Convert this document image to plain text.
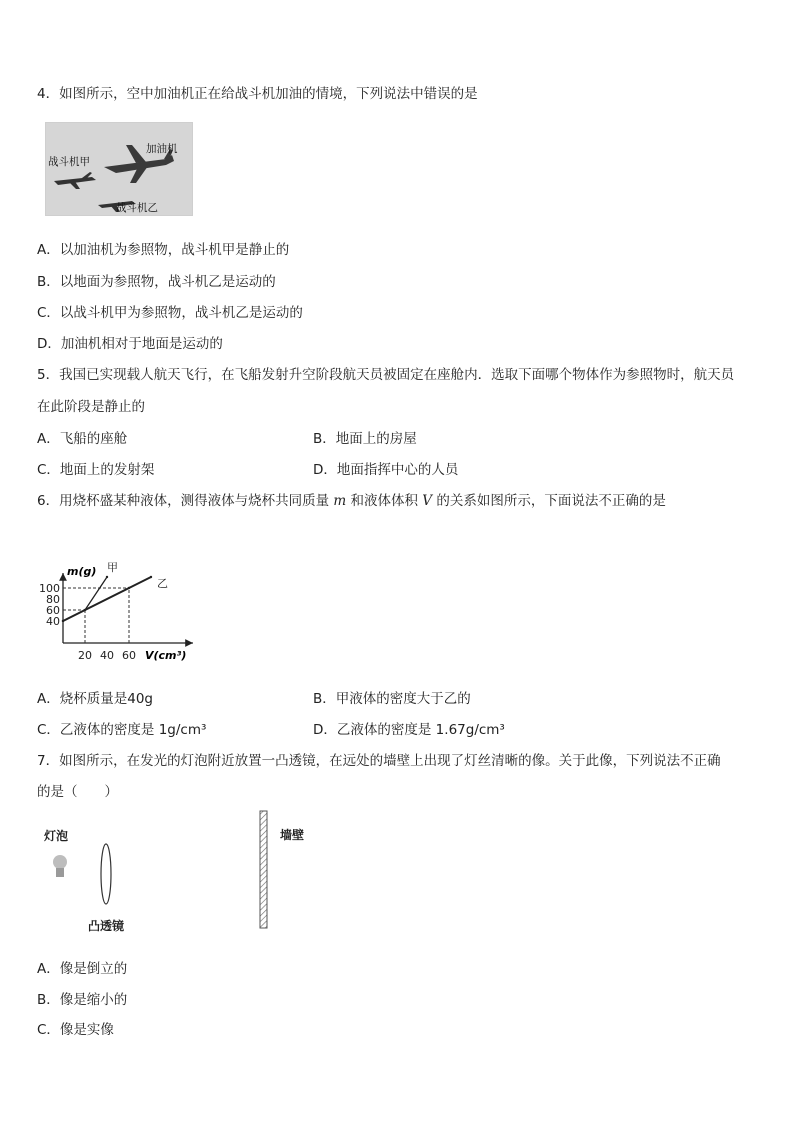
4．如图所示，空中加油机正在给战斗机加油的情境，下列说法中错误的是
加油机
战斗机甲
战斗机乙
A．以加油机为参照物，战斗机甲是静止的
B．以地面为参照物，战斗机乙是运动的
C．以战斗机甲为参照物，战斗机乙是运动的
D．加油机相对于地面是运动的
5．我国已实现载人航天飞行，在飞船发射升空阶段航天员被固定在座舱内．选取下面哪个物体作为参照物时，航天员
在此阶段是静止的
A．飞船的座舱	B．地面上的房屋
C．地面上的发射架	D．地面指挥中心的人员
6．用烧杯盛某种液体，测得液体与烧杯共同质量 m 和液体体积 V 的关系如图所示，下面说法不正确的是
40
60
80
100
20 40 60
m(g)
V(cm³)
甲
乙
A．烧杯质量是40g	B．甲液体的密度大于乙的
C．乙液体的密度是 1g/cm³	D．乙液体的密度是 1.67g/cm³
7．如图所示，在发光的灯泡附近放置一凸透镜，在远处的墙壁上出现了灯丝清晰的像。关于此像，下列说法不正确
的是（　　）
灯泡
凸透镜
墙壁
A．像是倒立的
B．像是缩小的
C．像是实像
